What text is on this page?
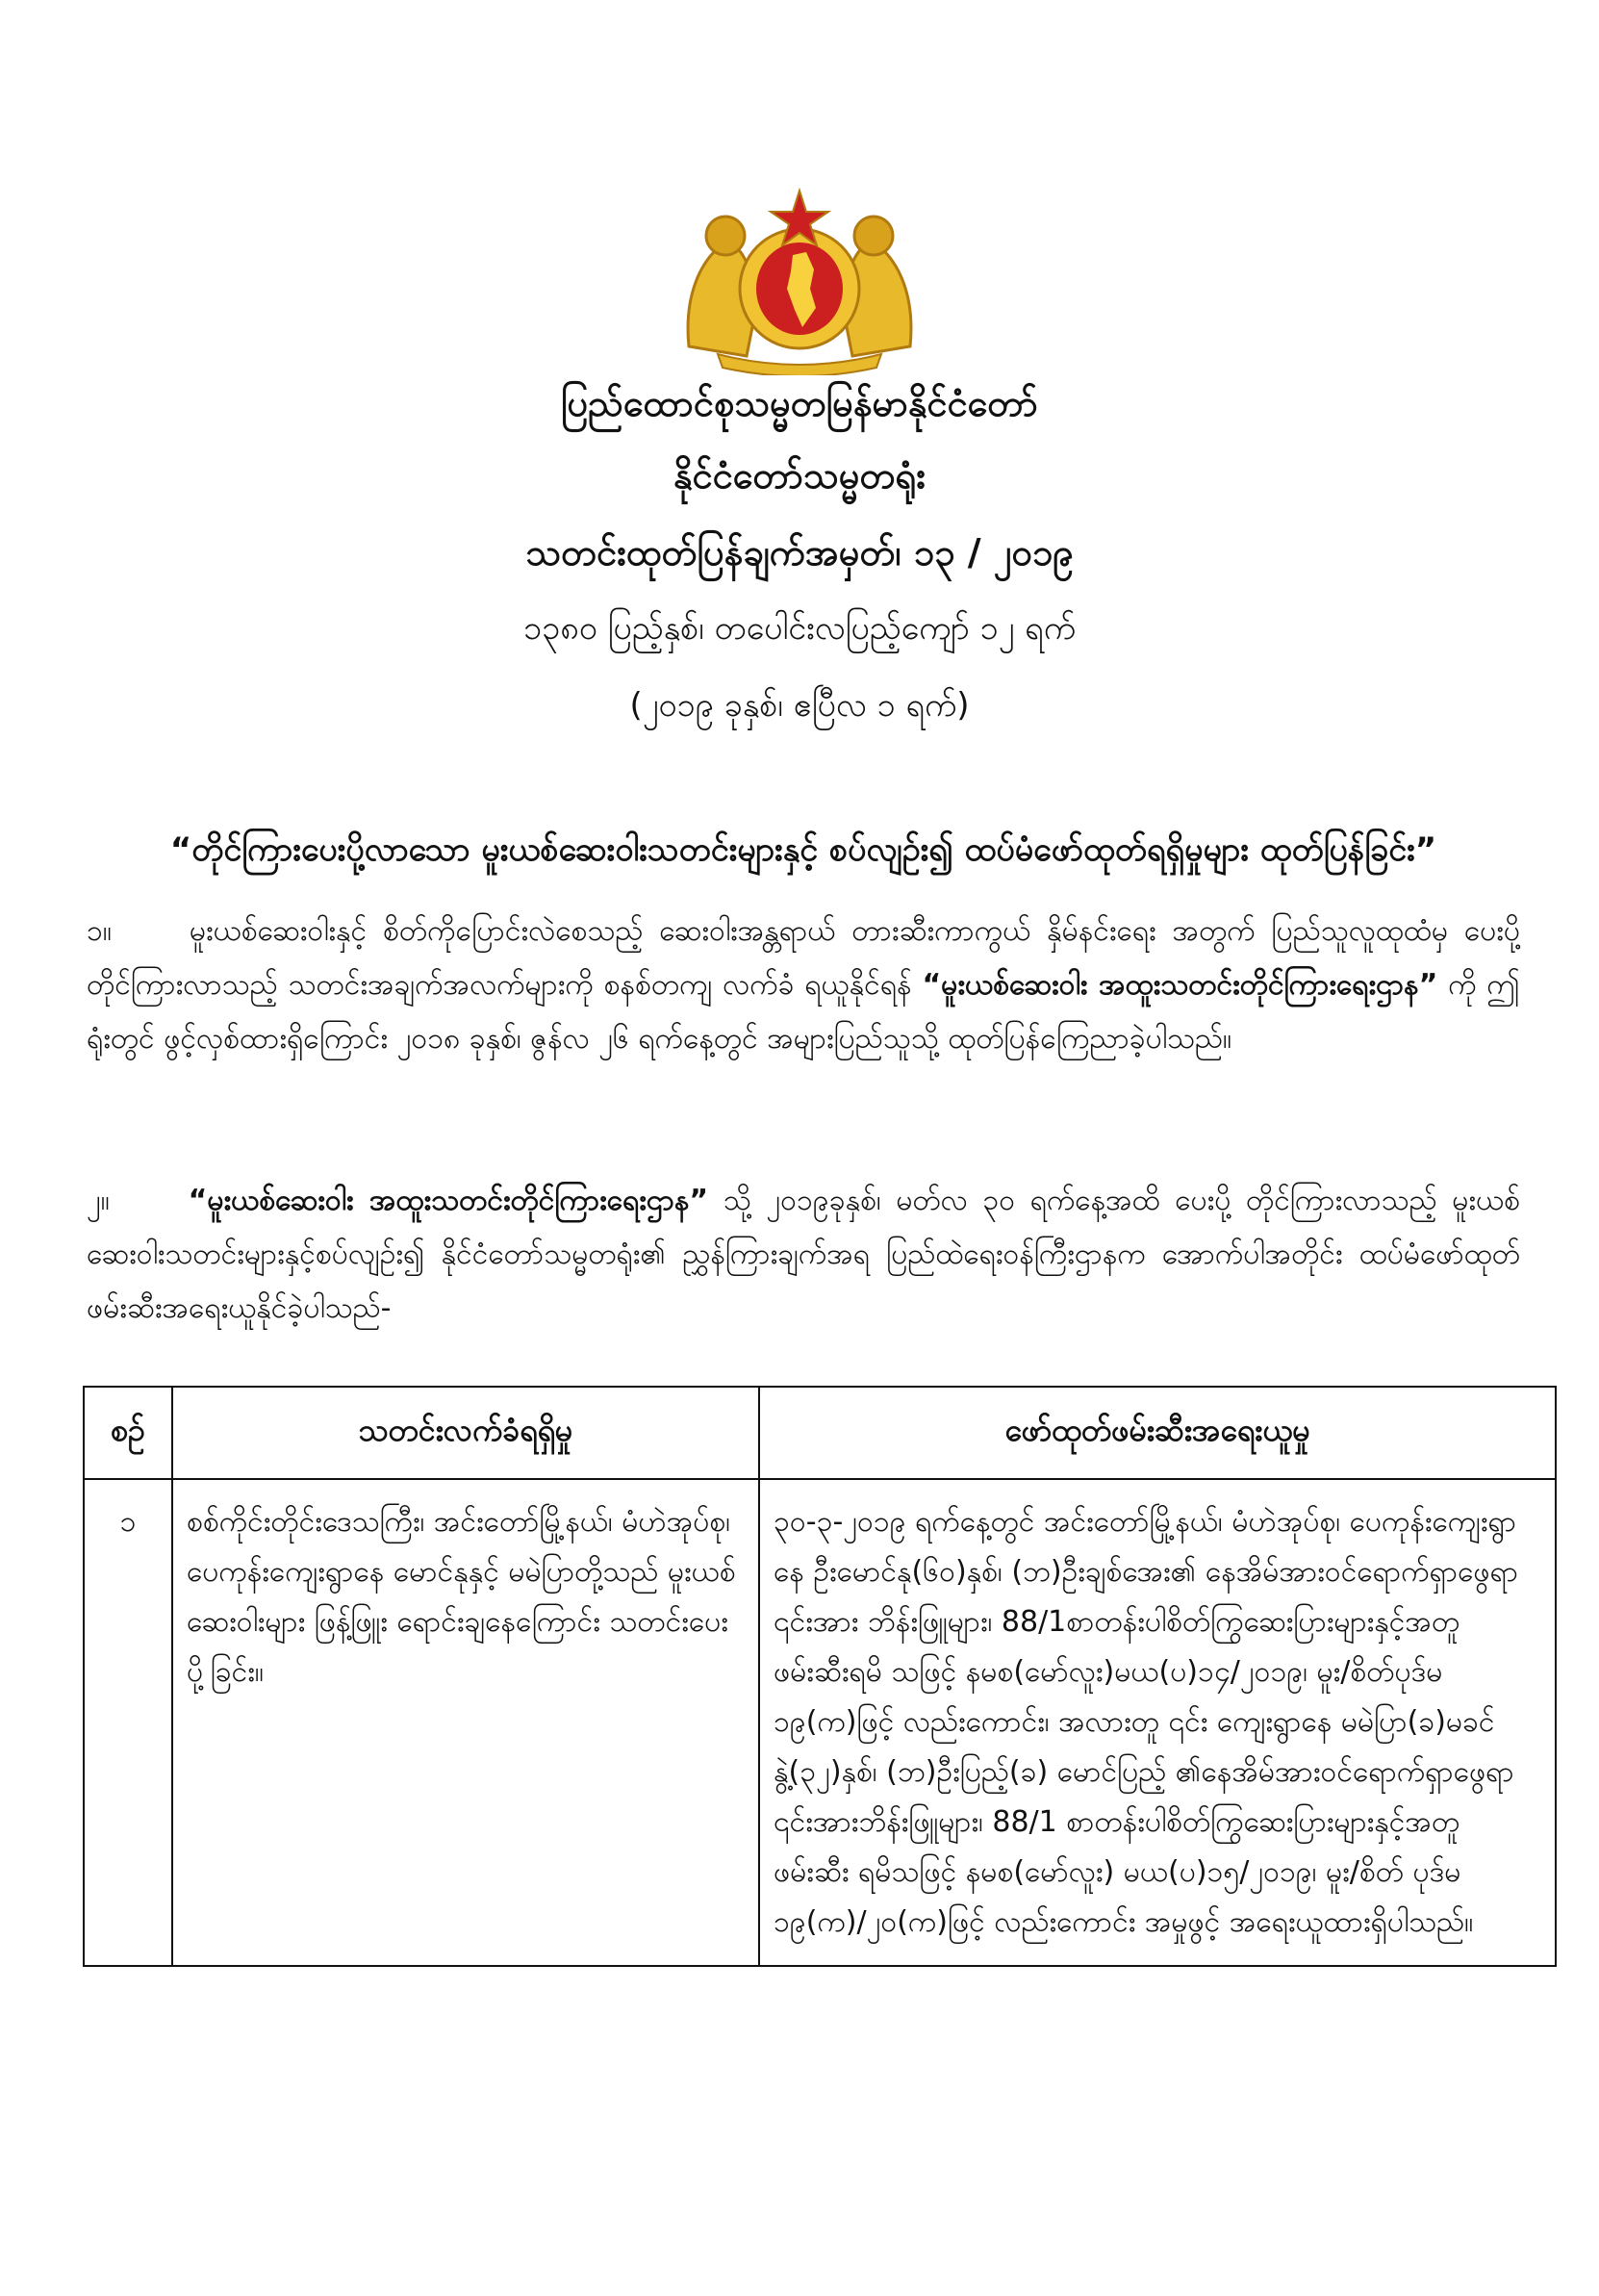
ပြည်ထောင်စုသမ္မတမြန်မာနိုင်ငံတော်
နိုင်ငံတော်သမ္မတရုံး
သတင်းထုတ်ပြန်ချက်အမှတ်၊ ၁၃ / ၂၀၁၉
၁၃၈၀ ပြည့်နှစ်၊ တပေါင်းလပြည့်ကျော် ၁၂ ရက်
(၂၀၁၉ ခုနှစ်၊ ဧပြီလ ၁ ရက်)
“တိုင်ကြားပေးပို့လာသော မူးယစ်ဆေးဝါးသတင်းများနှင့် စပ်လျဉ်း၍ ထပ်မံဖော်ထုတ်ရရှိမှုများ ထုတ်ပြန်ခြင်း”
၁။	မူးယစ်ဆေးဝါးနှင့် စိတ်ကိုပြောင်းလဲစေသည့် ဆေးဝါးအန္တရာယ် တားဆီးကာကွယ် နှိမ်နင်းရေး အတွက် ပြည်သူလူထုထံမှ ပေးပို့တိုင်ကြားလာသည့် သတင်းအချက်အလက်များကို စနစ်တကျ လက်ခံ ရယူနိုင်ရန် “မူးယစ်ဆေးဝါး အထူးသတင်းတိုင်ကြားရေးဌာန” ကို ဤရုံးတွင် ဖွင့်လှစ်ထားရှိကြောင်း ၂၀၁၈ ခုနှစ်၊ ဇွန်လ ၂၆ ရက်နေ့တွင် အများပြည်သူသို့ ထုတ်ပြန်ကြေညာခဲ့ပါသည်။
၂။	“မူးယစ်ဆေးဝါး အထူးသတင်းတိုင်ကြားရေးဌာန” သို့ ၂၀၁၉ခုနှစ်၊ မတ်လ ၃၀ ရက်နေ့အထိ ပေးပို့ တိုင်ကြားလာသည့် မူးယစ်ဆေးဝါးသတင်းများနှင့်စပ်လျဉ်း၍ နိုင်ငံတော်သမ္မတရုံး၏ ညွှန်ကြားချက်အရ ပြည်ထဲရေးဝန်ကြီးဌာနက အောက်ပါအတိုင်း ထပ်မံဖော်ထုတ်ဖမ်းဆီးအရေးယူနိုင်ခဲ့ပါသည်-
စဉ်	သတင်းလက်ခံရရှိမှု	ဖော်ထုတ်ဖမ်းဆီးအရေးယူမှု
၁	စစ်ကိုင်းတိုင်းဒေသကြီး၊ အင်းတော်မြို့နယ်၊ မံဟဲအုပ်စု၊ ပေကုန်းကျေးရွာနေ မောင်နုနှင့် မမဲပြာတို့သည် မူးယစ်ဆေးဝါးများ ဖြန့်ဖြူး ရောင်းချနေကြောင်း သတင်းပေးပို့ခြင်း။	၃၀-၃-၂၀၁၉ ရက်နေ့တွင် အင်းတော်မြို့နယ်၊ မံဟဲအုပ်စု၊ ပေကုန်းကျေးရွာနေ ဦးမောင်နု(၆၀)နှစ်၊ (ဘ)ဦးချစ်အေး၏ နေအိမ်အားဝင်ရောက်ရှာဖွေရာ ၎င်းအား ဘိန်းဖြူများ၊ 88/1စာတန်းပါစိတ်ကြွဆေးပြားများနှင့်အတူ ဖမ်းဆီးရမိ သဖြင့် နမစ(မော်လူး)မယ(ပ)၁၄/၂၀၁၉၊ မူး/စိတ်ပုဒ်မ ၁၉(က)ဖြင့် လည်းကောင်း၊ အလားတူ ၎င်း ကျေးရွာနေ မမဲပြာ(ခ)မခင်နွဲ့(၃၂)နှစ်၊ (ဘ)ဦးပြည့်(ခ) မောင်ပြည့် ၏နေအိမ်အားဝင်ရောက်ရှာဖွေရာ ၎င်းအားဘိန်းဖြူများ၊ 88/1 စာတန်းပါစိတ်ကြွဆေးပြားများနှင့်အတူ ဖမ်းဆီး ရမိသဖြင့် နမစ(မော်လူး) မယ(ပ)၁၅/၂၀၁၉၊ မူး/စိတ် ပုဒ်မ ၁၉(က)/၂၀(က)ဖြင့် လည်းကောင်း အမှုဖွင့် အရေးယူထားရှိပါသည်။
